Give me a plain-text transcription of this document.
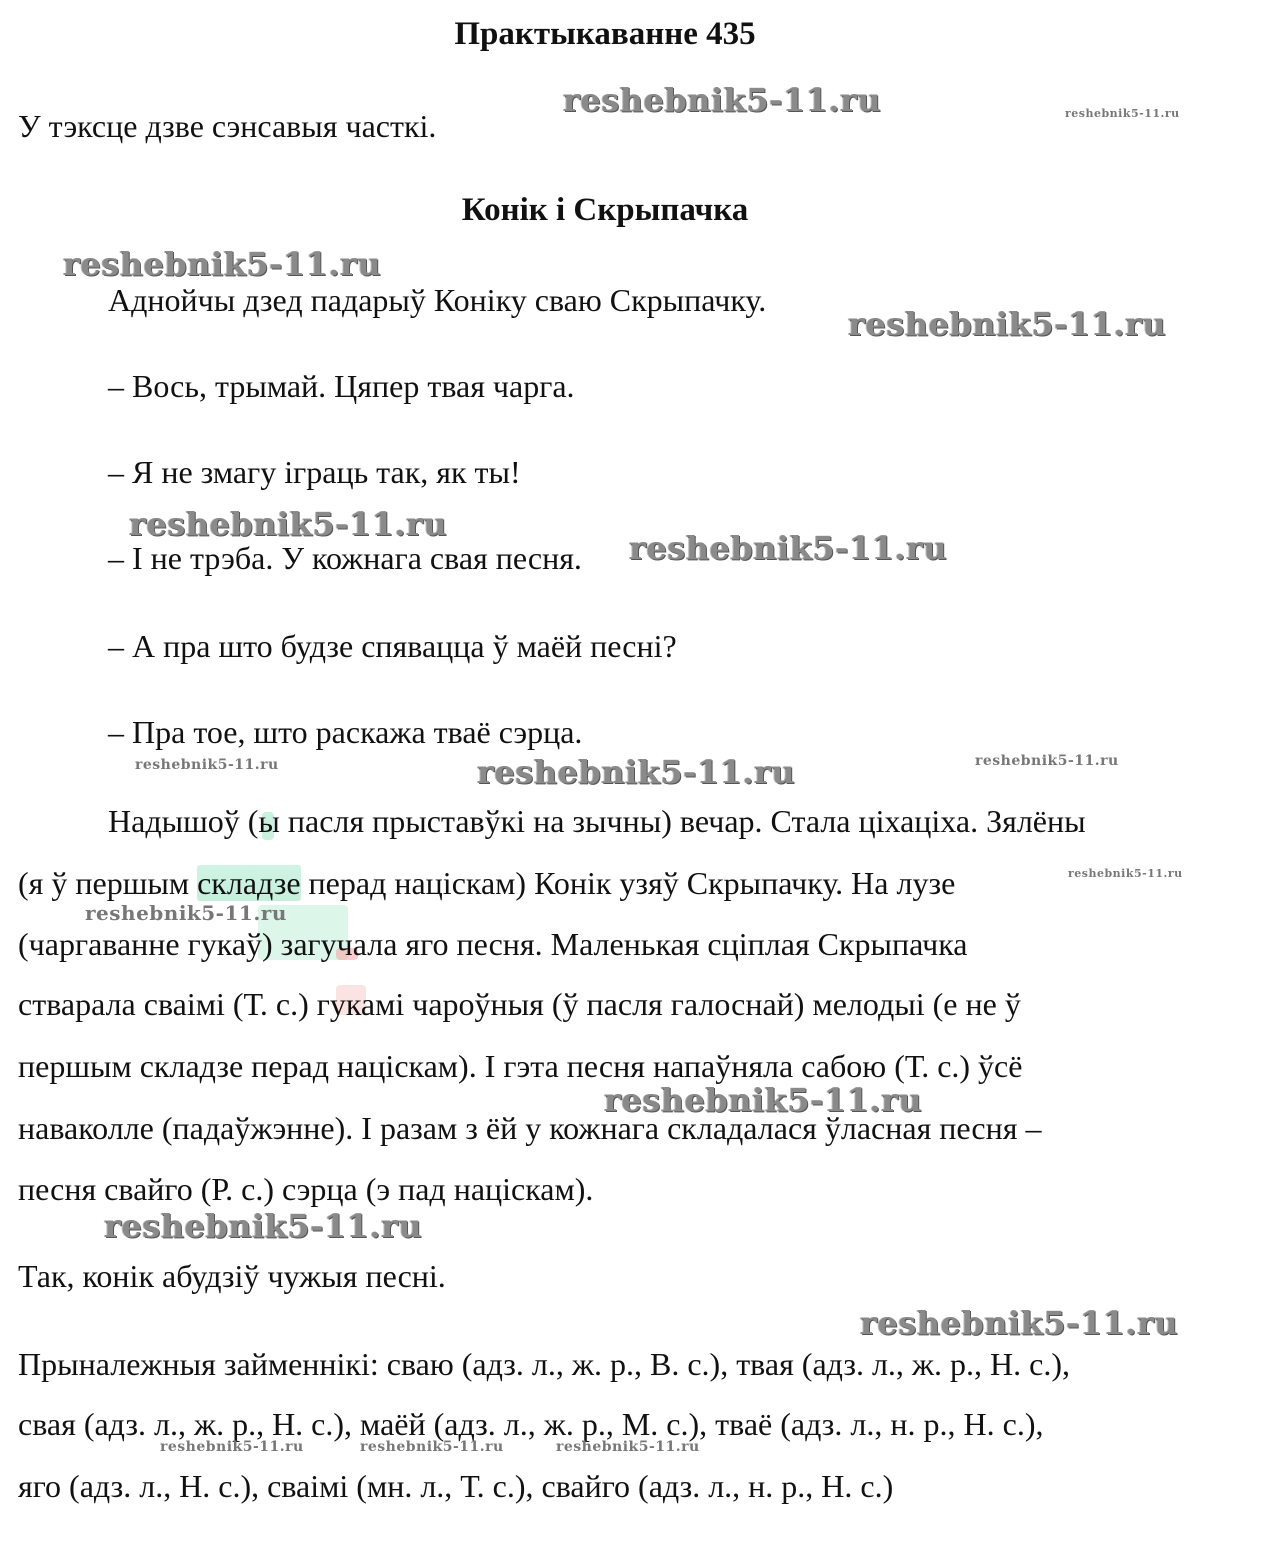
Практыкаванне 435
У тэксце дзве сэнсавыя часткі.
Конік і Скрыпачка
Аднойчы дзед падарыў Коніку сваю Скрыпачку.
– Вось, трымай. Цяпер твая чарга.
– Я не змагу іграць так, як ты!
– І не трэба. У кожнага свая песня.
– А пра што будзе спявацца ў маёй песні?
– Пра тое, што раскажа тваё сэрца.
Надышоў (ы пасля прыставўкі на зычны) вечар. Стала ціхаціха. Зялёны
(я ў першым складзе перад націскам) Конік узяў Скрыпачку. На лузе
(чаргаванне гукаў) загучала яго песня. Маленькая сціплая Скрыпачка
стварала сваімі (Т. с.) гукамі чароўныя (ў пасля галоснай) мелодыі (е не ў
першым складзе перад націскам). І гэта песня напаўняла сабою (Т. с.) ўсё
наваколле (падаўжэнне). І разам з ёй у кожнага складалася ўласная песня –
песня свайго (Р. с.) сэрца (э пад націскам).
Так, конік абудзіў чужыя песні.
Прыналежныя займеннікі: сваю (адз. л., ж. р., В. с.), твая (адз. л., ж. р., Н. с.),
свая (адз. л., ж. р., Н. с.), маёй (адз. л., ж. р., М. с.), тваё (адз. л., н. р., Н. с.),
яго (адз. л., Н. с.), сваімі (мн. л., Т. с.), свайго (адз. л., н. р., Н. с.)
reshebnik5-11.ru	reshebnik5-11.ru
reshebnik5-11.ru
reshebnik5-11.ru
reshebnik5-11.ru
reshebnik5-11.ru
reshebnik5-11.ru	reshebnik5-11.ru	reshebnik5-11.ru
reshebnik5-11.ru
reshebnik5-11.ru
reshebnik5-11.ru
reshebnik5-11.ru
reshebnik5-11.ru
reshebnik5-11.ru	reshebnik5-11.ru	reshebnik5-11.ru
